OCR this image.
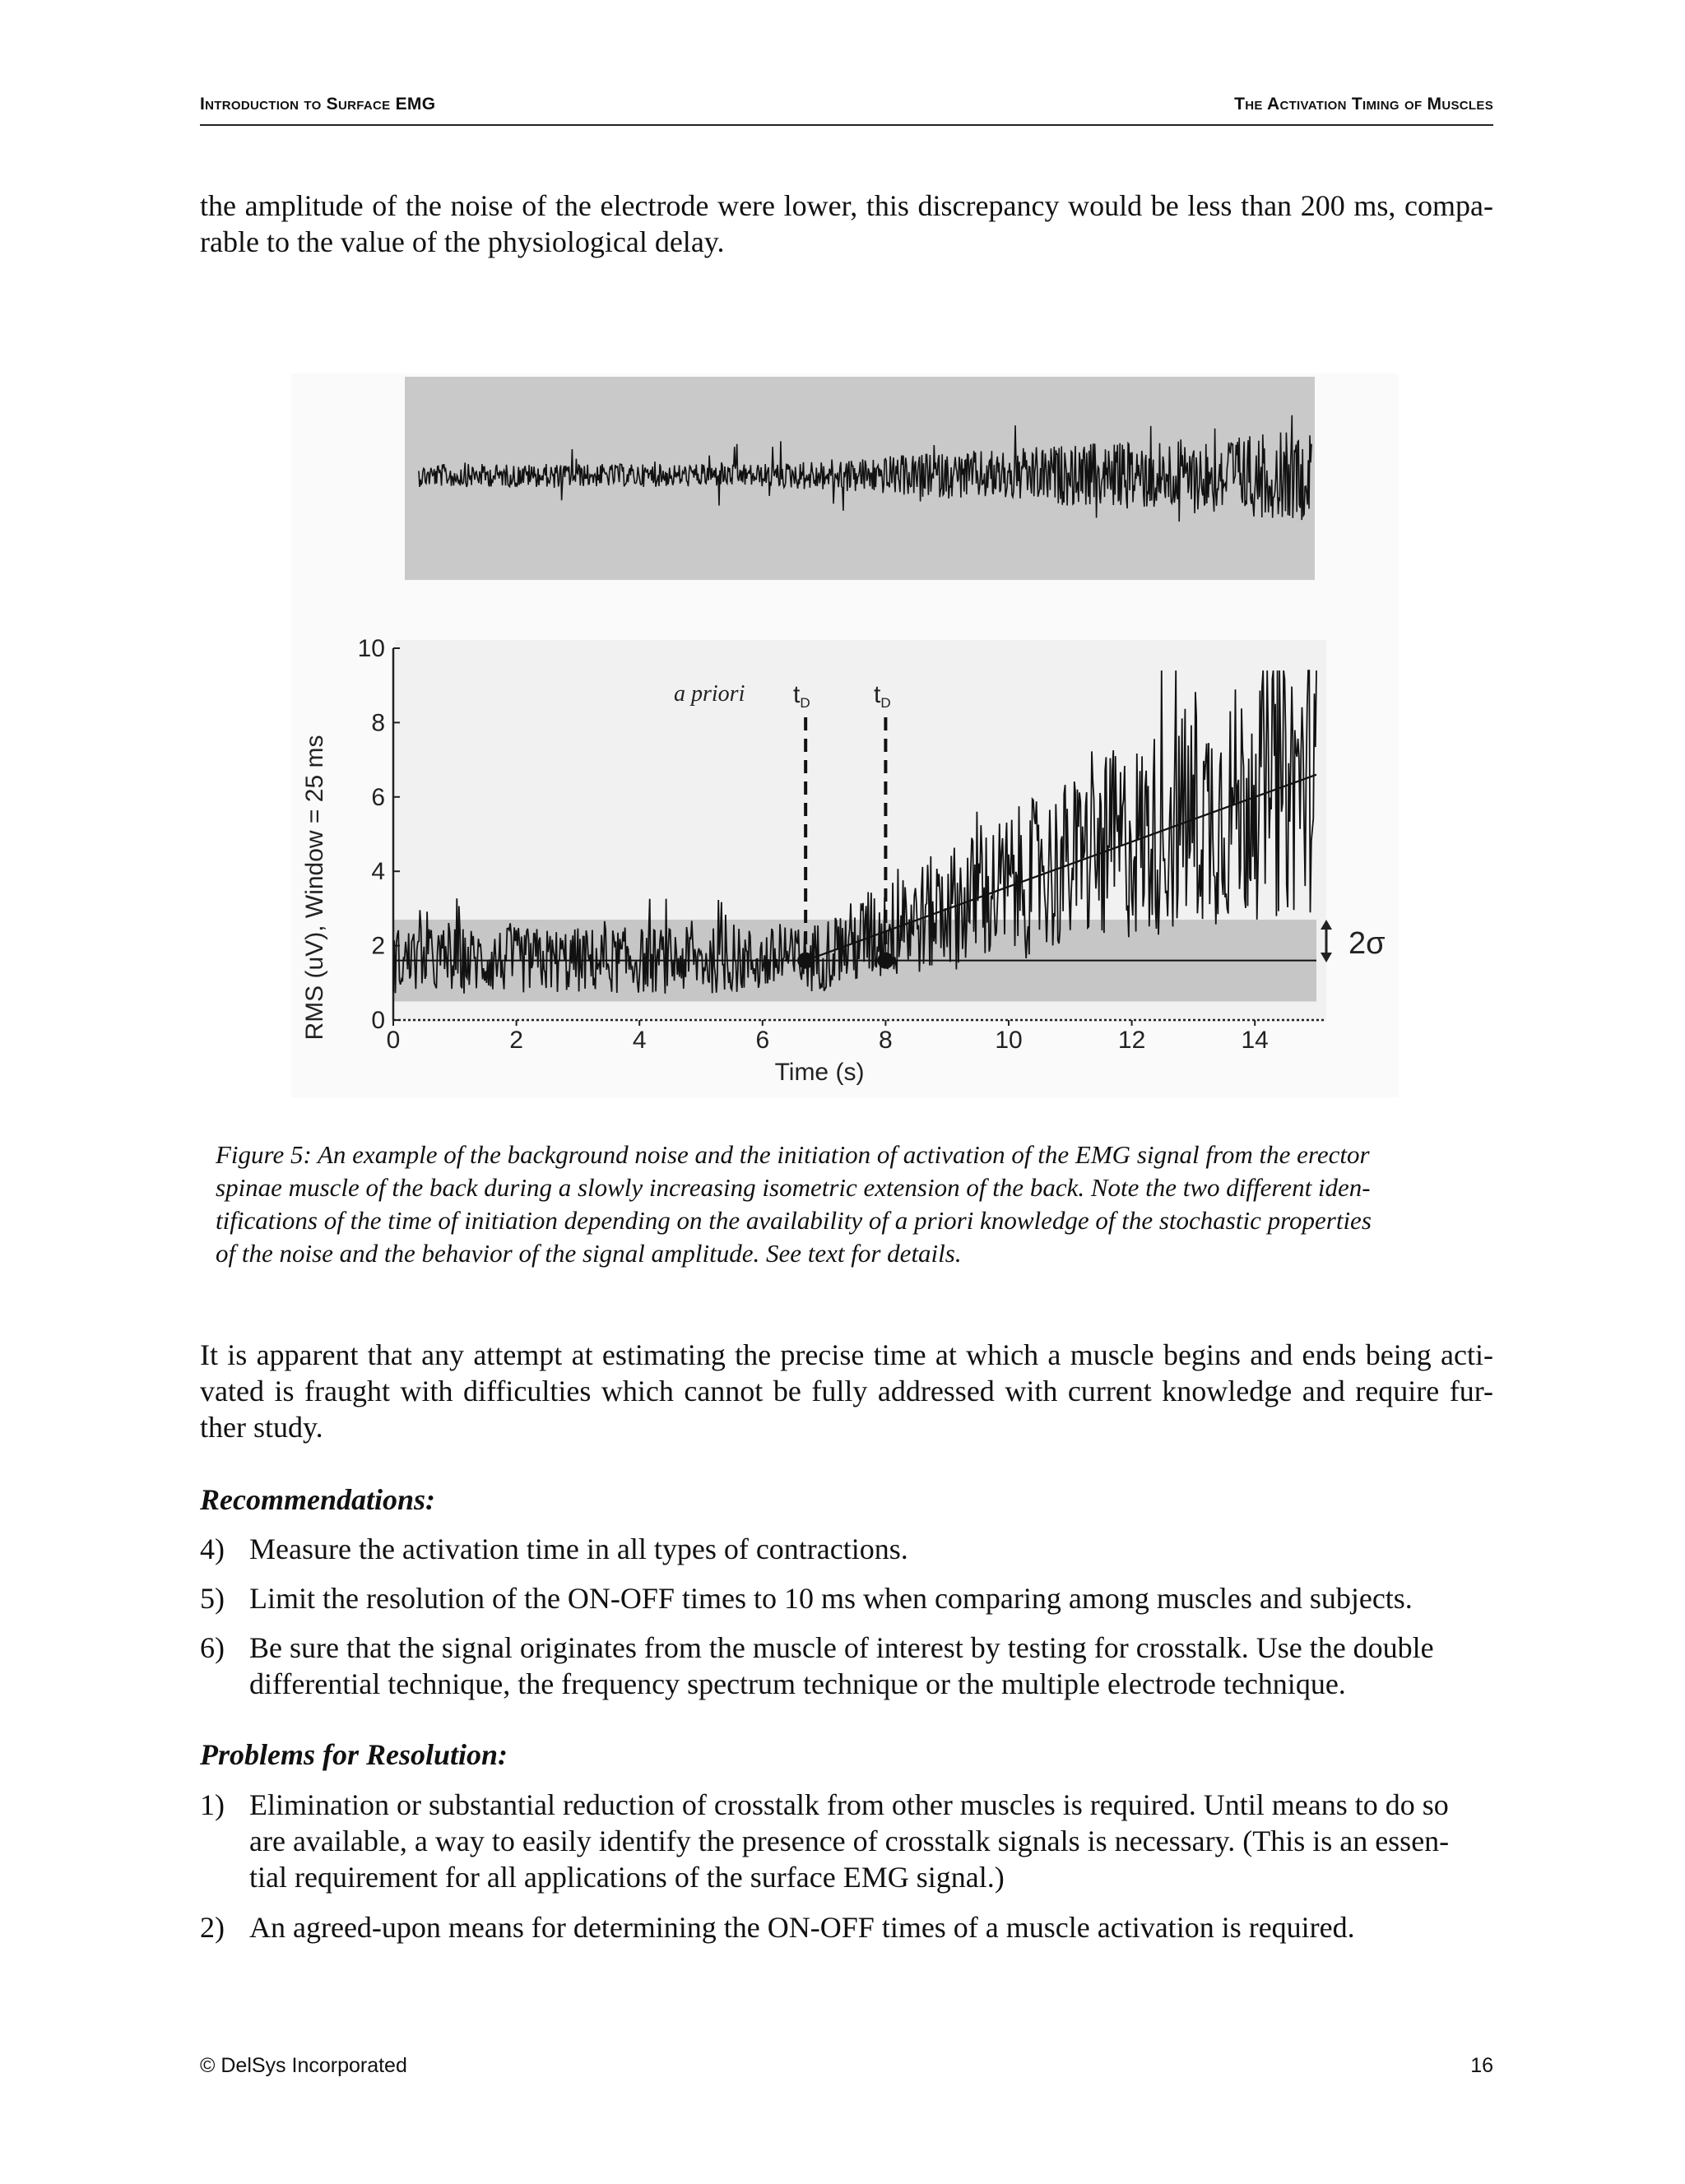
Introduction to Surface EMG	The Activation Timing of Muscles
the amplitude of the noise of the electrode were lower, this discrepancy would be less than 200 ms, compa-
rable to the value of the physiological delay.
0
2
4
6
8
10
0	2	4	6	8	10	12	14
RMS (uV), Window = 25 ms
Time (s)
a priori $t_D$	$t_D$
2σ
Figure 5: An example of the background noise and the initiation of activation of the EMG signal from the erector
spinae muscle of the back during a slowly increasing isometric extension of the back. Note the two different iden-
tifications of the time of initiation depending on the availability of a priori knowledge of the stochastic properties
of the noise and the behavior of the signal amplitude. See text for details.
It is apparent that any attempt at estimating the precise time at which a muscle begins and ends being acti-
vated is fraught with difficulties which cannot be fully addressed with current knowledge and require fur-
ther study.
Recommendations:
4) Measure the activation time in all types of contractions.
5) Limit the resolution of the ON-OFF times to 10 ms when comparing among muscles and subjects.
6) Be sure that the signal originates from the muscle of interest by testing for crosstalk. Use the double
differential technique, the frequency spectrum technique or the multiple electrode technique.
Problems for Resolution:
1) Elimination or substantial reduction of crosstalk from other muscles is required. Until means to do so
are available, a way to easily identify the presence of crosstalk signals is necessary. (This is an essen-
tial requirement for all applications of the surface EMG signal.)
2) An agreed-upon means for determining the ON-OFF times of a muscle activation is required.
© DelSys Incorporated	16
